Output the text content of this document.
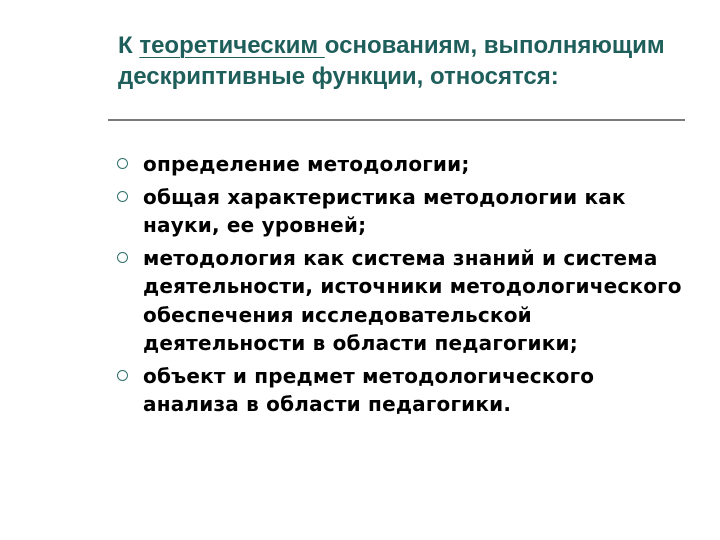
К теоретическим основаниям, выполняющим дескриптивные функции, относятся:
определение методологии;
общая характеристика методологии как науки, ее уровней;
методология как система знаний и система деятельности, источники методологического обеспечения исследовательской деятельности в области педагогики;
объект и предмет методологического анализа в области педагогики.
